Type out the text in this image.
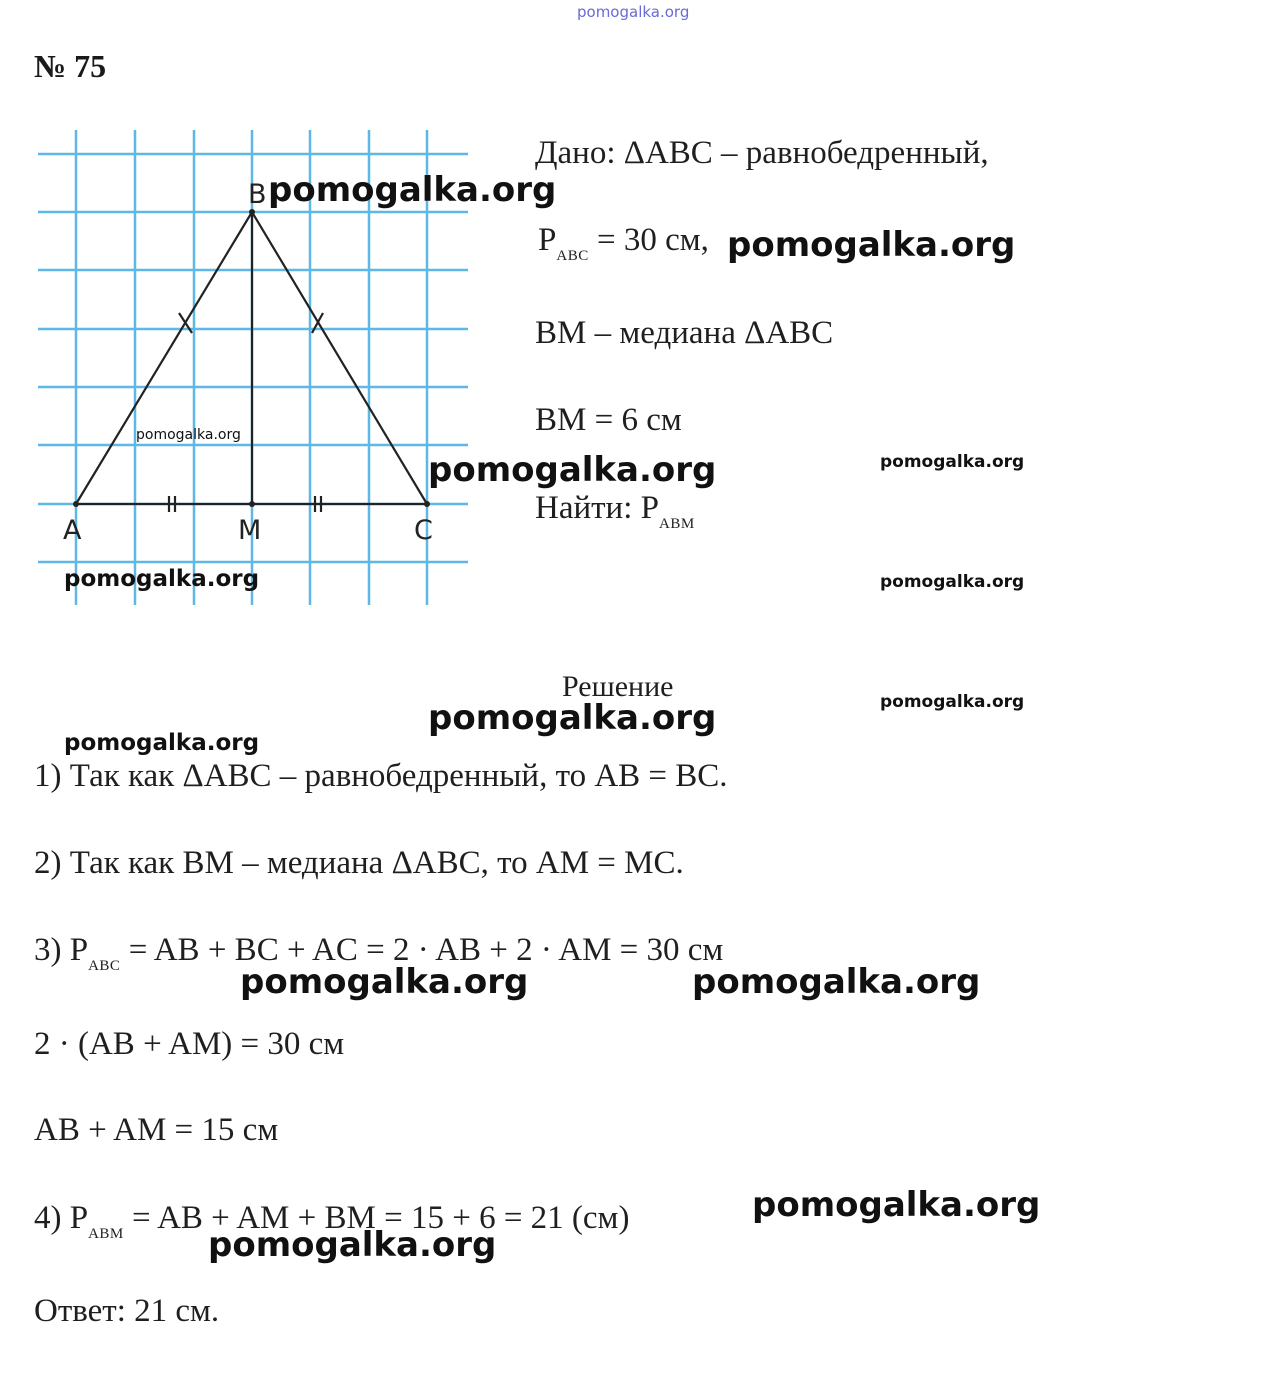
pomogalka.org
№ 75
B
A	M	C
pomogalka.org
pomogalka.org
Дано: ΔABC – равнобедренный,
$P_{ABC} = 30$ см, pomogalka.org
BM – медиана ΔABC
BM = 6 см
pomogalka.org	pomogalka.org
Найти: $P_{ABM}$
pomogalka.org	pomogalka.org
Решение
pomogalka.org	pomogalka.org
pomogalka.org
1) Так как ΔABC – равнобедренный, то AB = BC.
2) Так как BM – медиана ΔABC, то AM = MC.
3) $P_{ABC}$ = AB + BC + AC = 2 · AB + 2 · AM = 30 см
pomogalka.org	pomogalka.org
2 · (AB + AM) = 30 см
AB + AM = 15 см
4) $P_{ABM}$ = AB + AM + BM = 15 + 6 = 21 (см)	pomogalka.org
pomogalka.org
Ответ: 21 см.
